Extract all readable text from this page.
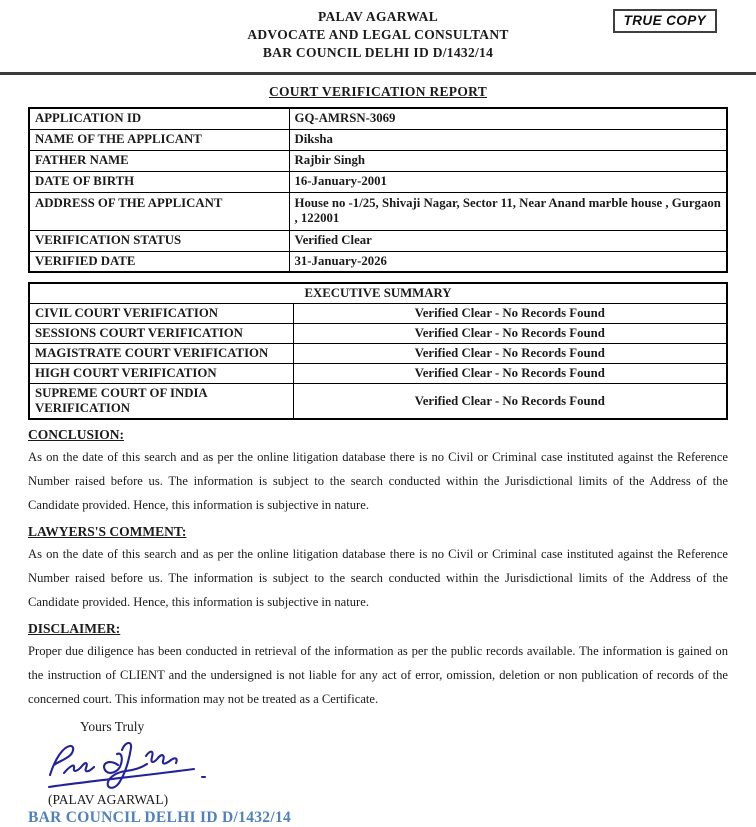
PALAV AGARWAL
ADVOCATE AND LEGAL CONSULTANT
BAR COUNCIL DELHI ID D/1432/14
TRUE COPY
COURT VERIFICATION REPORT
APPLICATION ID	GQ-AMRSN-3069
NAME OF THE APPLICANT	Diksha
FATHER NAME	Rajbir Singh
DATE OF BIRTH	16-January-2001
ADDRESS OF THE APPLICANT	House no -1/25, Shivaji Nagar, Sector 11, Near Anand marble house , Gurgaon , 122001
VERIFICATION STATUS	Verified Clear
VERIFIED DATE	31-January-2026
EXECUTIVE SUMMARY	
CIVIL COURT VERIFICATION	Verified Clear - No Records Found
SESSIONS COURT VERIFICATION	Verified Clear - No Records Found
MAGISTRATE COURT VERIFICATION	Verified Clear - No Records Found
HIGH COURT VERIFICATION	Verified Clear - No Records Found
SUPREME COURT OF INDIA VERIFICATION	Verified Clear - No Records Found
CONCLUSION:

As on the date of this search and as per the online litigation database there is no Civil or Criminal case instituted against the Reference Number raised before us. The information is subject to the search conducted within the Jurisdictional limits of the Address of the Candidate provided. Hence, this information is subjective in nature.

LAWYERS'S COMMENT:

As on the date of this search and as per the online litigation database there is no Civil or Criminal case instituted against the Reference Number raised before us. The information is subject to the search conducted within the Jurisdictional limits of the Address of the Candidate provided. Hence, this information is subjective in nature.

DISCLAIMER:

Proper due diligence has been conducted in retrieval of the information as per the public records available. The information is gained on the instruction of CLIENT and the undersigned is not liable for any act of error, omission, deletion or non publication of records of the concerned court. This information may not be treated as a Certificate.

Yours Truly
(PALAV AGARWAL)
BAR COUNCIL DELHI ID D/1432/14
